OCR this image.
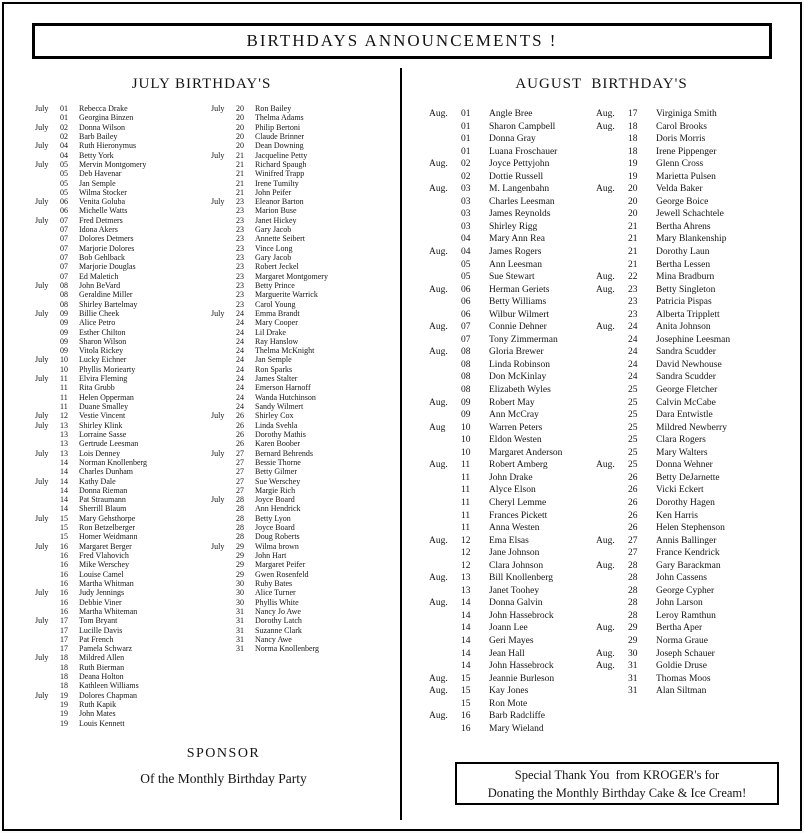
BIRTHDAYS ANNOUNCEMENTS !
JULY BIRTHDAY'S
July	01	Rebecca Drake
01	Georgina Binzen
July	02	Donna Wilson
02	Barb Bailey
July	04	Ruth Hieronymus
04	Betty York
July	05	Mervin Montgomery
05	Deb Havenar
05	Jan Semple
05	Wilma Stocker
July	06	Venita Goluba
06	Michelle Watts
July	07	Fred Detmers
07	Idona Akers
07	Dolores Detmers
07	Marjorie Dolores
07	Bob Gehlback
07	Marjorie Douglas
07	Ed Maletich
July	08	John BeVard
08	Geraldine Miller
08	Shirley Bartelmay
July	09	Billie Cheek
09	Alice Petro
09	Esther Chilton
09	Sharon Wilson
09	Vitola Rickey
July	10	Lucky Eichner
10	Phyllis Moriearty
July	11	Elvira Fleming
11	Rita Grubb
11	Helen Opperman
11	Duane Smalley
July	12	Vestie Vincent
July	13	Shirley Klink
13	Lorraine Sasse
13	Gertrude Leesman
July	13	Lois Denney
14	Norman Knollenberg
14	Charles Dunham
July	14	Kathy Dale
14	Donna Rieman
14	Pat Straumann
14	Sherrill Blaum
July	15	Mary Gehsthorpe
15	Ron Betzelberger
15	Homer Weidmann
July	16	Margaret Berger
16	Fred Vlahovich
16	Mike Werschey
16	Louise Camel
16	Martha Whitman
July	16	Judy Jennings
16	Debbie Viner
16	Martha Whiteman
July	17	Tom Bryant
17	Lucille Davis
17	Pat French
17	Pamela Schwarz
July	18	Mildred Allen
18	Ruth Bierman
18	Deana Holton
18	Kathleen Williams
July	19	Dolores Chapman
19	Ruth Kapik
19	John Mates
19	Louis Kennett
July	20	Ron Bailey
20	Thelma Adams
20	Philip Bertoni
20	Claude Brinner
20	Dean Downing
July	21	Jacqueline Petty
21	Richard Spaugh
21	Winifred Trapp
21	Irene Tumilty
21	John Peifer
July	23	Eleanor Barton
23	Marion Buse
23	Janet Hickey
23	Gary Jacob
23	Annette Seibert
23	Vince Long
23	Gary Jacob
23	Robert Jeckel
23	Margaret Montgomery
23	Betty Prince
23	Marguerite Warrick
23	Carol Young
July	24	Emma Brandt
24	Mary Cooper
24	Lil Drake
24	Ray Hanslow
24	Thelma McKnight
24	Jan Semple
24	Ron Sparks
24	James Stalter
24	Emerson Harnoff
24	Wanda Hutchinson
24	Sandy Wilmert
July	26	Shirley Cox
26	Linda Svehla
26	Dorothy Mathis
26	Karen Boober
July	27	Bernard Behrends
27	Bessie Thorne
27	Betty Gilmer
27	Sue Werschey
27	Margie Rich
July	28	Joyce Board
28	Ann Hendrick
28	Betty Lyon
28	Joyce Board
28	Doug Roberts
July	29	Wilma brown
29	John Hart
29	Margaret Peifer
29	Gwen Rosenfeld
30	Ruby Bates
30	Alice Turner
30	Phyllis White
31	Nancy Jo Awe
31	Dorothy Latch
31	Suzanne Clark
31	Nancy Awe
31	Norma Knollenberg
SPONSOR
Of the Monthly Birthday Party
AUGUST  BIRTHDAY'S
Aug.	01	Angle Bree
01	Sharon Campbell
01	Donna Gray
01	Luana Froschauer
Aug.	02	Joyce Pettyjohn
02	Dottie Russell
Aug.	03	M. Langenbahn
03	Charles Leesman
03	James Reynolds
03	Shirley Rigg
04	Mary Ann Rea
Aug.	04	James Rogers
05	Ann Leesman
05	Sue Stewart
Aug.	06	Herman Geriets
06	Betty Williams
06	Wilbur Wilmert
Aug.	07	Connie Dehner
07	Tony Zimmerman
Aug.	08	Gloria Brewer
08	Linda Robinson
08	Don McKinlay
08	Elizabeth Wyles
Aug.	09	Robert May
09	Ann McCray
Aug	10	Warren Peters
10	Eldon Westen
10	Margaret Anderson
Aug.	11	Robert Amberg
11	John Drake
11	Alyce Elson
11	Cheryl Lemme
11	Frances Pickett
11	Anna Westen
Aug.	12	Ema Elsas
12	Jane Johnson
12	Clara Johnson
Aug.	13	Bill Knollenberg
13	Janet Toohey
Aug.	14	Donna Galvin
14	John Hassebrock
14	Joann Lee
14	Geri Mayes
14	Jean Hall
14	John Hassebrock
Aug.	15	Jeannie Burleson
Aug.	15	Kay Jones
15	Ron Mote
Aug.	16	Barb Radcliffe
16	Mary Wieland
Aug.	17	Virginiga Smith
Aug.	18	Carol Brooks
18	Doris Morris
18	Irene Pippenger
19	Glenn Cross
19	Marietta Pulsen
Aug.	20	Velda Baker
20	George Boice
20	Jewell Schachtele
21	Bertha Ahrens
21	Mary Blankenship
21	Dorothy Laun
21	Bertha Lessen
Aug.	22	Mina Bradburn
Aug.	23	Betty Singleton
23	Patricia Pispas
23	Alberta Tripplett
Aug.	24	Anita Johnson
24	Josephine Leesman
24	Sandra Scudder
24	David Newhouse
24	Sandra Scudder
25	George Fletcher
25	Calvin McCabe
25	Dara Entwistle
25	Mildred Newberry
25	Clara Rogers
25	Mary Walters
Aug.	25	Donna Wehner
26	Betty DeJarnette
26	Vicki Eckert
26	Dorothy Hagen
26	Ken Harris
26	Helen Stephenson
Aug.	27	Annis Ballinger
27	France Kendrick
Aug.	28	Gary Barackman
28	John Cassens
28	George Cypher
28	John Larson
28	Leroy Ramthun
Aug.	29	Bertha Aper
29	Norma Graue
Aug.	30	Joseph Schauer
Aug.	31	Goldie Druse
31	Thomas Moos
31	Alan Siltman
Special Thank You  from KROGER's for
Donating the Monthly Birthday Cake & Ice Cream!
